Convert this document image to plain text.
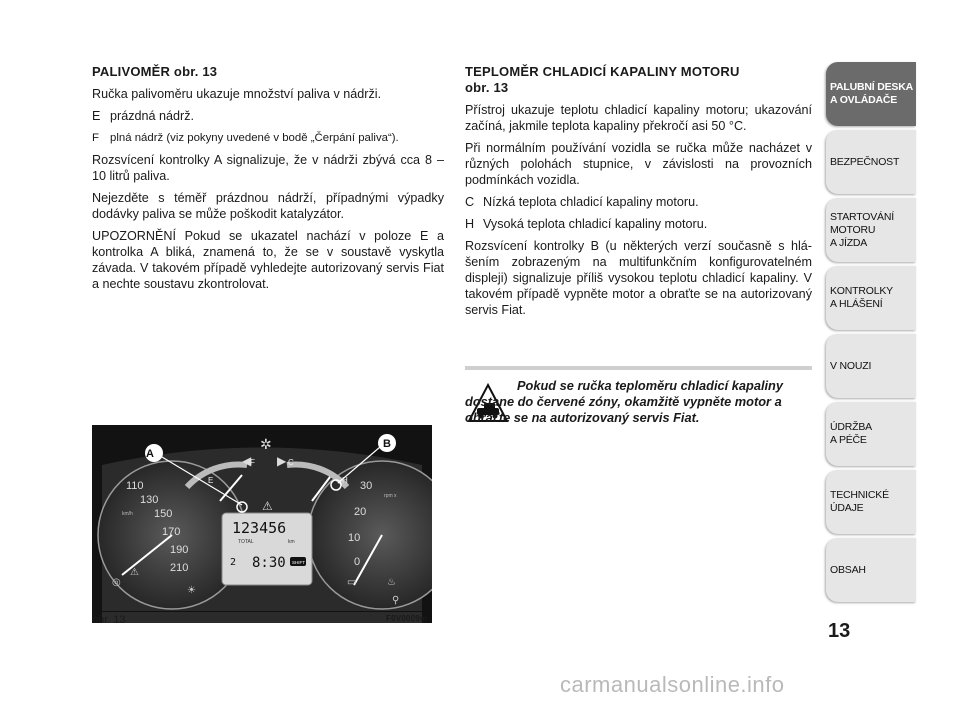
PALIVOMĚR obr. 13

Ručka palivoměru ukazuje množství paliva v nádrži.

E prázdná nádrž.
F plná nádrž (viz pokyny uvedené v bodě „Čerpání paliva“).

Rozsvícení kontrolky A signalizuje, že v nádrži zbývá cca 8 – 10 litrů paliva.

Nejezděte s téměř prázdnou nádrží, případnými výpadky dodávky paliva se může poškodit katalyzátor.

UPOZORNĚNÍ Pokud se ukazatel nachází v poloze E a kontrolka A bliká, znamená to, že se v soustavě vyskytla závada. V takovém případě vyhledejte autorizovaný servis Fiat a nechte soustavu zkontrolovat.

TEPLOMĚR CHLADICÍ KAPALINY MOTORU
obr. 13

Přístroj ukazuje teplotu chladicí kapaliny motoru; ukazování začíná, jakmile teplota kapaliny překročí asi 50 °C.

Při normálním používání vozidla se ručka může nacházet v různých polohách stupnice, v závislosti na provozních podmínkách vozidla.

C Nízká teplota chladicí kapaliny motoru.
H Vysoká teplota chladicí kapaliny motoru.

Rozsvícení kontrolky B (u některých verzí současně s hlášením zobrazeným na multifunkčním konfigurovatelném displeji) signalizuje příliš vysokou teplotu chladicí kapaliny. V takovém případě vypněte motor a obraťte se na autorizovaný servis Fiat.

Pokud se ručka teploměru chladicí kapaliny dostane do červené zóny, okamžitě vypněte motor a obraťte se na autorizovaný servis Fiat.
✲
◀ ▶
⚠
◎
⚠
☀
▭	♨
⚲
A
B
E
F	C
H
km/h
110
130
150
170
190
210
rpm x
30
20
10
0
123456
TOTAL	km
2 8:30 SHIFT
obr. 13	F0V0009m
PALUBNÍ DESKA
A OVLÁDAČE
BEZPEČNOST
STARTOVÁNÍ
MOTORU
A JÍZDA
KONTROLKY
A HLÁŠENÍ
V NOUZI
ÚDRŽBA
A PÉČE
TECHNICKÉ
ÚDAJE
OBSAH
13
carmanualsonline.info
